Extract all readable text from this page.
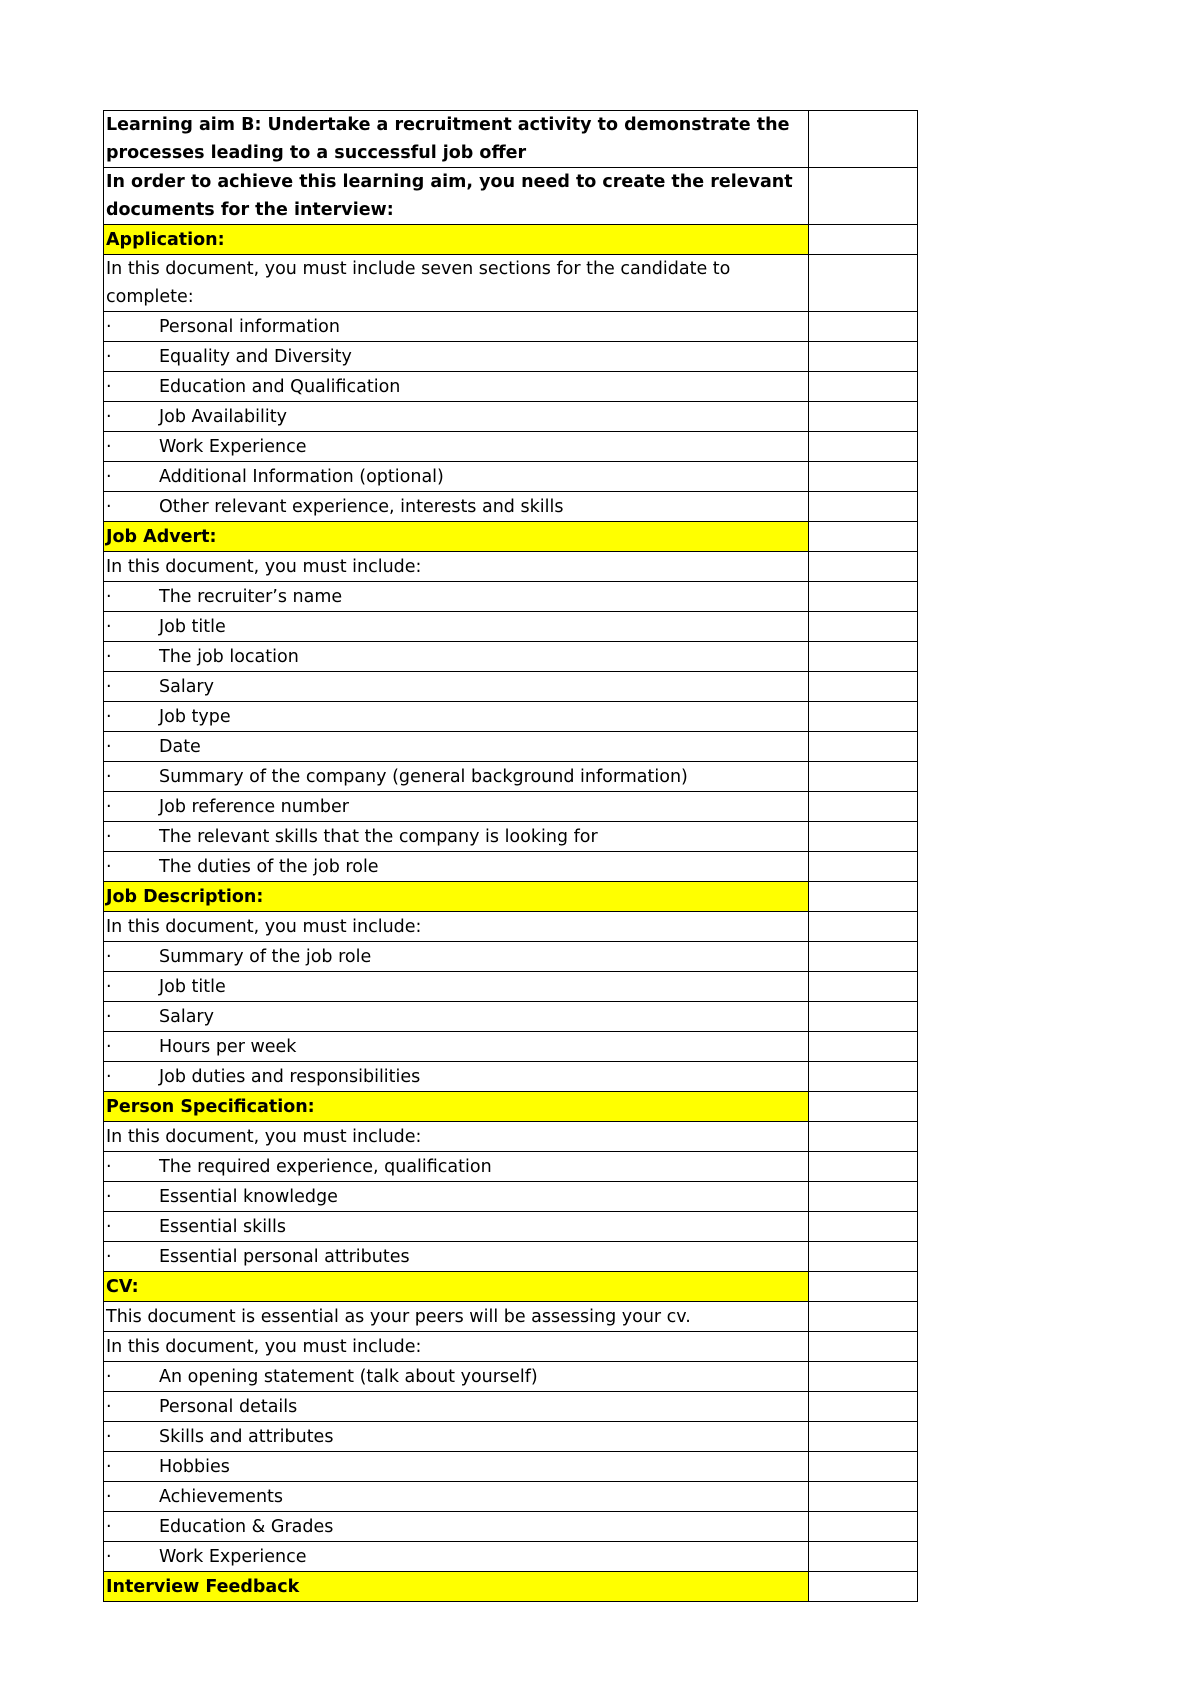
Learning aim B: Undertake a recruitment activity to demonstrate the processes leading to a successful job offer	
In order to achieve this learning aim, you need to create the relevant documents for the interview:	
Application:	
In this document, you must include seven sections for the candidate to complete:	
· Personal information	
· Equality and Diversity	
· Education and Qualification	
· Job Availability	
· Work Experience	
· Additional Information (optional)	
· Other relevant experience, interests and skills	
Job Advert:	
In this document, you must include:	
· The recruiter’s name	
· Job title	
· The job location	
· Salary	
· Job type	
· Date	
· Summary of the company (general background information)	
· Job reference number	
· The relevant skills that the company is looking for	
· The duties of the job role	
Job Description:	
In this document, you must include:	
· Summary of the job role	
· Job title	
· Salary	
· Hours per week	
· Job duties and responsibilities	
Person Specification:	
In this document, you must include:	
· The required experience, qualification	
· Essential knowledge	
· Essential skills	
· Essential personal attributes	
CV:	
This document is essential as your peers will be assessing your cv.	
In this document, you must include:	
· An opening statement (talk about yourself)	
· Personal details	
· Skills and attributes	
· Hobbies	
· Achievements	
· Education & Grades	
· Work Experience	
Interview Feedback	
